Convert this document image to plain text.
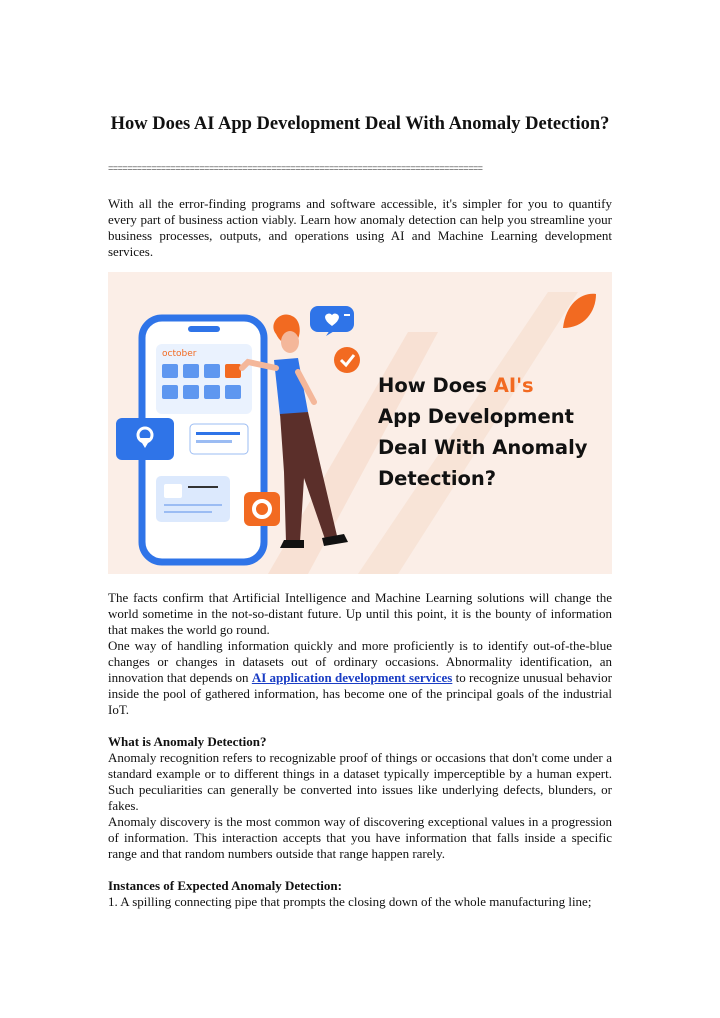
How Does AI App Development Deal With Anomaly Detection?
==============================================================================

With all the error-finding programs and software accessible, it's simpler for you to quantify every part of business action viably. Learn how anomaly detection can help you streamline your business processes, outputs, and operations using AI and Machine Learning development services.

october
How Does AI's
App Development
Deal With Anomaly
Detection?

The facts confirm that Artificial Intelligence and Machine Learning solutions will change the world sometime in the not-so-distant future. Up until this point, it is the bounty of information that makes the world go round.

One way of handling information quickly and more proficiently is to identify out-of-the-blue changes or changes in datasets out of ordinary occasions. Abnormality identification, an innovation that depends on AI application development services to recognize unusual behavior inside the pool of gathered information, has become one of the principal goals of the industrial IoT.

What is Anomaly Detection?

Anomaly recognition refers to recognizable proof of things or occasions that don't come under a standard example or to different things in a dataset typically imperceptible by a human expert. Such peculiarities can generally be converted into issues like underlying defects, blunders, or fakes.

Anomaly discovery is the most common way of discovering exceptional values in a progression of information. This interaction accepts that you have information that falls inside a specific range and that random numbers outside that range happen rarely.

Instances of Expected Anomaly Detection:

1. A spilling connecting pipe that prompts the closing down of the whole manufacturing line;
